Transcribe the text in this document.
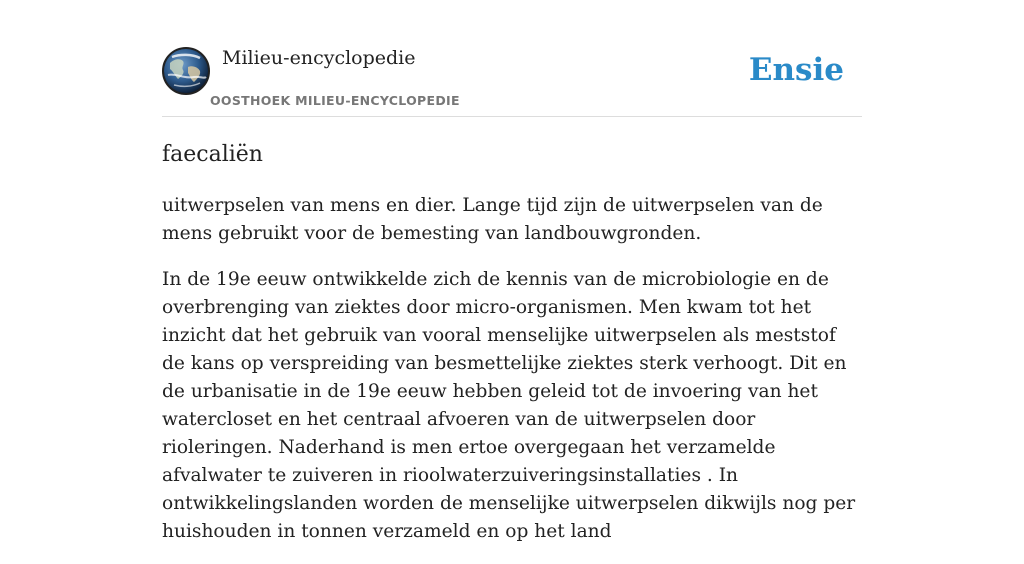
Milieu-encyclopedie
OOSTHOEK MILIEU-ENCYCLOPEDIE
Ensie
faecaliën

uitwerpselen van mens en dier. Lange tijd zijn de uitwerpselen van de mens gebruikt voor de bemesting van landbouwgronden.

In de 19e eeuw ontwikkelde zich de kennis van de microbiologie en de overbrenging van ziektes door micro-organismen. Men kwam tot het inzicht dat het gebruik van vooral menselijke uitwerpselen als meststof de kans op verspreiding van besmettelijke ziektes sterk verhoogt. Dit en de urbanisatie in de 19e eeuw hebben geleid tot de invoering van het watercloset en het centraal afvoeren van de uitwerpselen door rioleringen. Naderhand is men ertoe overgegaan het verzamelde afvalwater te zuiveren in rioolwaterzuiveringsinstallaties . In ontwikkelingslanden worden de menselijke uitwerpselen dikwijls nog per huishouden in tonnen verzameld en op het land
